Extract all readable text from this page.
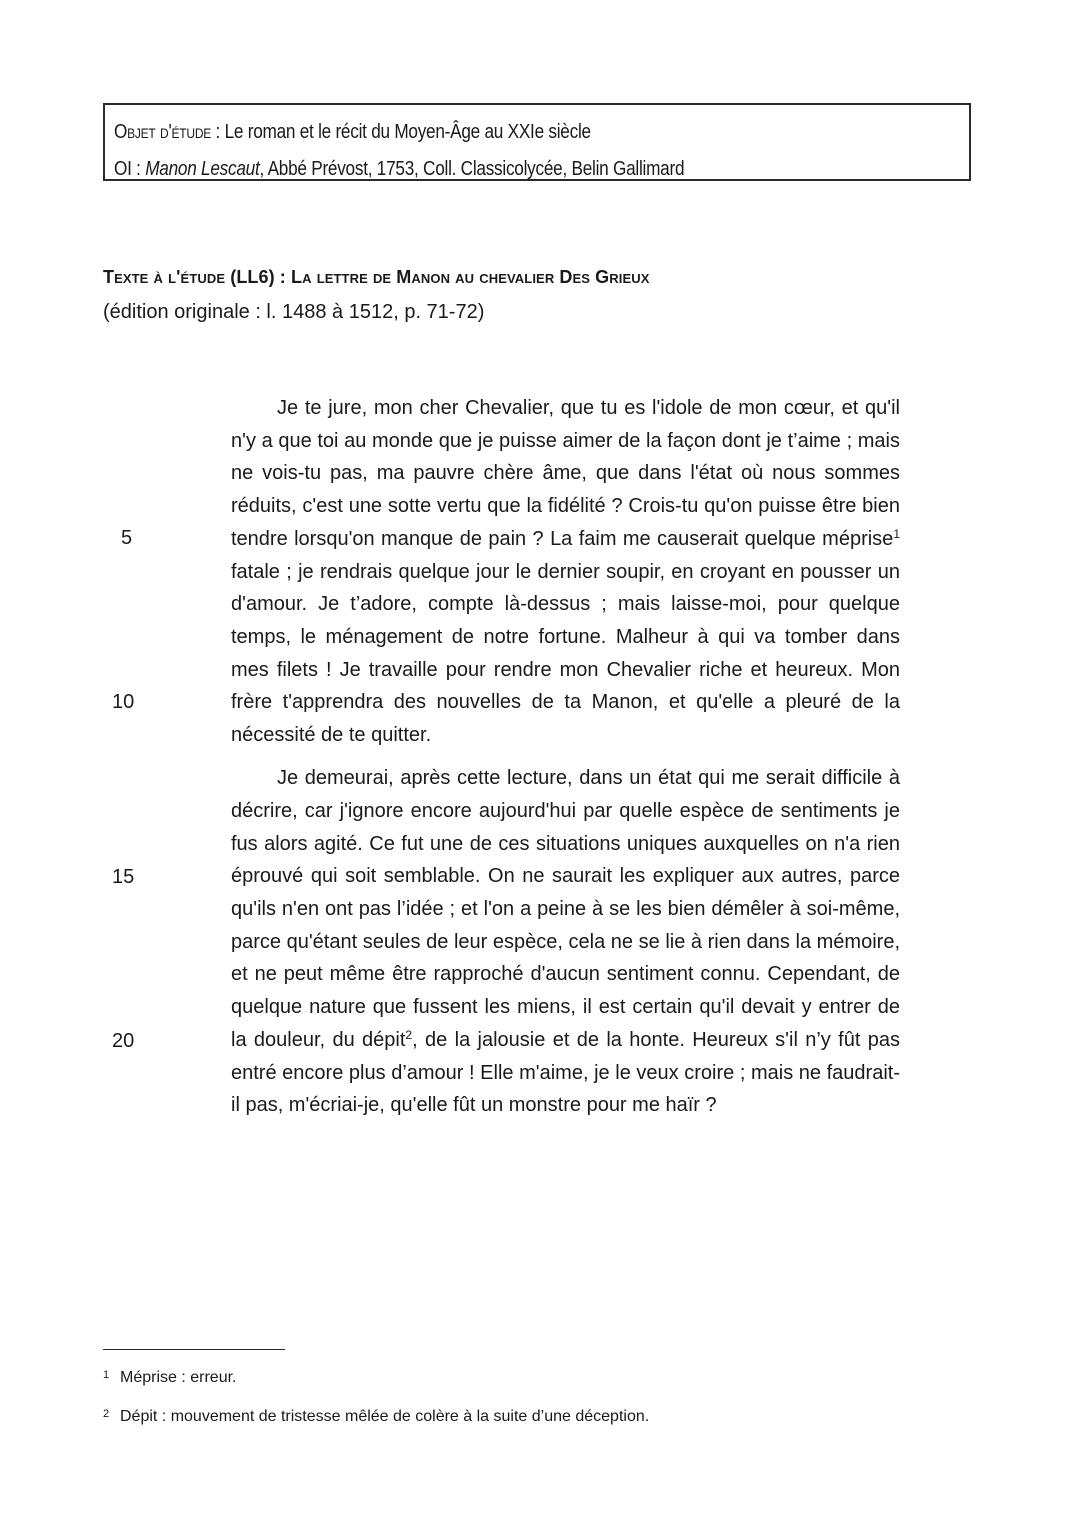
Objet d'étude : Le roman et le récit du Moyen-Âge au XXIe siècle
OI : Manon Lescaut, Abbé Prévost, 1753, Coll. Classicolycée, Belin Gallimard
Texte à l'étude (LL6) : La lettre de Manon au chevalier Des Grieux
(édition originale : l. 1488 à 1512, p. 71-72)
5
10
15
20

Je te jure, mon cher Chevalier, que tu es l'idole de mon cœur, et qu'il n'y a que toi au monde que je puisse aimer de la façon dont je t’aime ; mais ne vois-tu pas, ma pauvre chère âme, que dans l'état où nous sommes réduits, c'est une sotte vertu que la fidélité ? Crois-tu qu'on puisse être bien tendre lorsqu'on manque de pain ? La faim me causerait quelque méprise$^1$ fatale ; je rendrais quelque jour le dernier soupir, en croyant en pousser un d'amour. Je t’adore, compte là-dessus ; mais laisse-moi, pour quelque temps, le ménagement de notre fortune. Malheur à qui va tomber dans mes filets ! Je travaille pour rendre mon Chevalier riche et heureux. Mon frère t'apprendra des nouvelles de ta Manon, et qu'elle a pleuré de la nécessité de te quitter.

Je demeurai, après cette lecture, dans un état qui me serait difficile à décrire, car j'ignore encore aujourd'hui par quelle espèce de sentiments je fus alors agité. Ce fut une de ces situations uniques auxquelles on n'a rien éprouvé qui soit semblable. On ne saurait les expliquer aux autres, parce qu'ils n'en ont pas l’idée ; et l'on a peine à se les bien démêler à soi-même, parce qu'étant seules de leur espèce, cela ne se lie à rien dans la mémoire, et ne peut même être rapproché d'aucun sentiment connu. Cependant, de quelque nature que fussent les miens, il est certain qu'il devait y entrer de la douleur, du dépit$^2$, de la jalousie et de la honte. Heureux s'il n’y fût pas entré encore plus d’amour ! Elle m'aime, je le veux croire ; mais ne faudrait-il pas, m'écriai-je, qu'elle fût un monstre pour me haïr ?

1 Méprise : erreur.
2 Dépit : mouvement de tristesse mêlée de colère à la suite d’une déception.
